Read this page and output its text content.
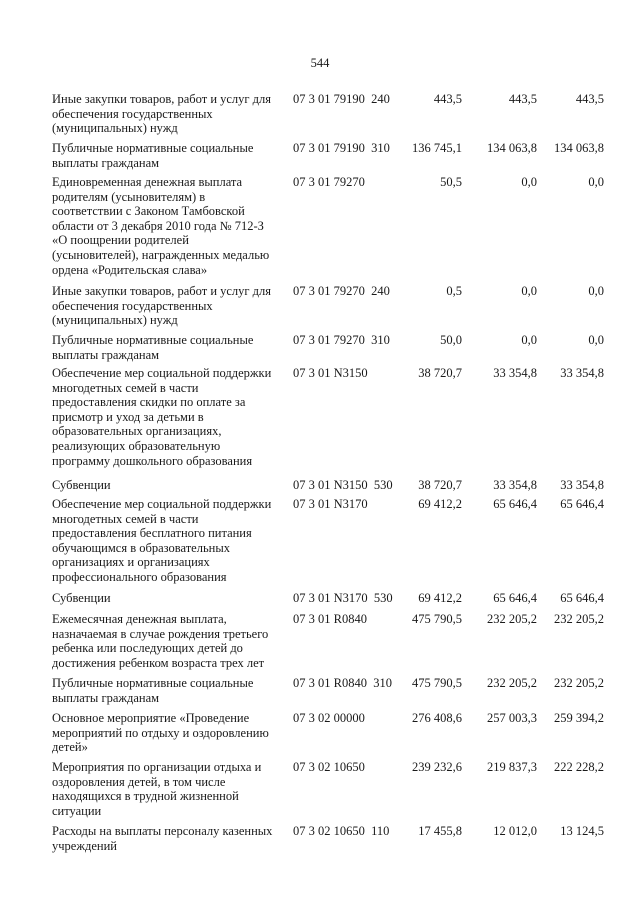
544
Иные закупки товаров, работ и услуг для
обеспечения государственных
(муниципальных) нужд
07 3 01 79190  240	443,5	443,5	443,5
Публичные нормативные социальные
выплаты гражданам
07 3 01 79190  310	136 745,1	134 063,8	134 063,8
Единовременная денежная выплата
родителям (усыновителям) в
соответствии с Законом Тамбовской
области от 3 декабря 2010 года № 712-З
«О поощрении родителей
(усыновителей), награжденных медалью
ордена «Родительская слава»
07 3 01 79270	50,5	0,0	0,0
Иные закупки товаров, работ и услуг для
обеспечения государственных
(муниципальных) нужд
07 3 01 79270  240	0,5	0,0	0,0
Публичные нормативные социальные
выплаты гражданам
07 3 01 79270  310	50,0	0,0	0,0
Обеспечение мер социальной поддержки
многодетных семей в части
предоставления скидки по оплате за
присмотр и уход за детьми в
образовательных организациях,
реализующих образовательную
программу дошкольного образования
07 3 01 N3150	38 720,7	33 354,8	33 354,8
Субвенции	07 3 01 N3150  530	38 720,7	33 354,8	33 354,8
Обеспечение мер социальной поддержки
многодетных семей в части
предоставления бесплатного питания
обучающимся в образовательных
организациях и организациях
профессионального образования
07 3 01 N3170	69 412,2	65 646,4	65 646,4
Субвенции	07 3 01 N3170  530	69 412,2	65 646,4	65 646,4
Ежемесячная денежная выплата,
назначаемая в случае рождения третьего
ребенка или последующих детей до
достижения ребенком возраста трех лет
07 3 01 R0840	475 790,5	232 205,2	232 205,2
Публичные нормативные социальные
выплаты гражданам
07 3 01 R0840  310	475 790,5	232 205,2	232 205,2
Основное мероприятие «Проведение
мероприятий по отдыху и оздоровлению
детей»
07 3 02 00000	276 408,6	257 003,3	259 394,2
Мероприятия по организации отдыха и
оздоровления детей, в том числе
находящихся в трудной жизненной
ситуации
07 3 02 10650	239 232,6	219 837,3	222 228,2
Расходы на выплаты персоналу казенных
учреждений
07 3 02 10650  110	17 455,8	12 012,0	13 124,5
